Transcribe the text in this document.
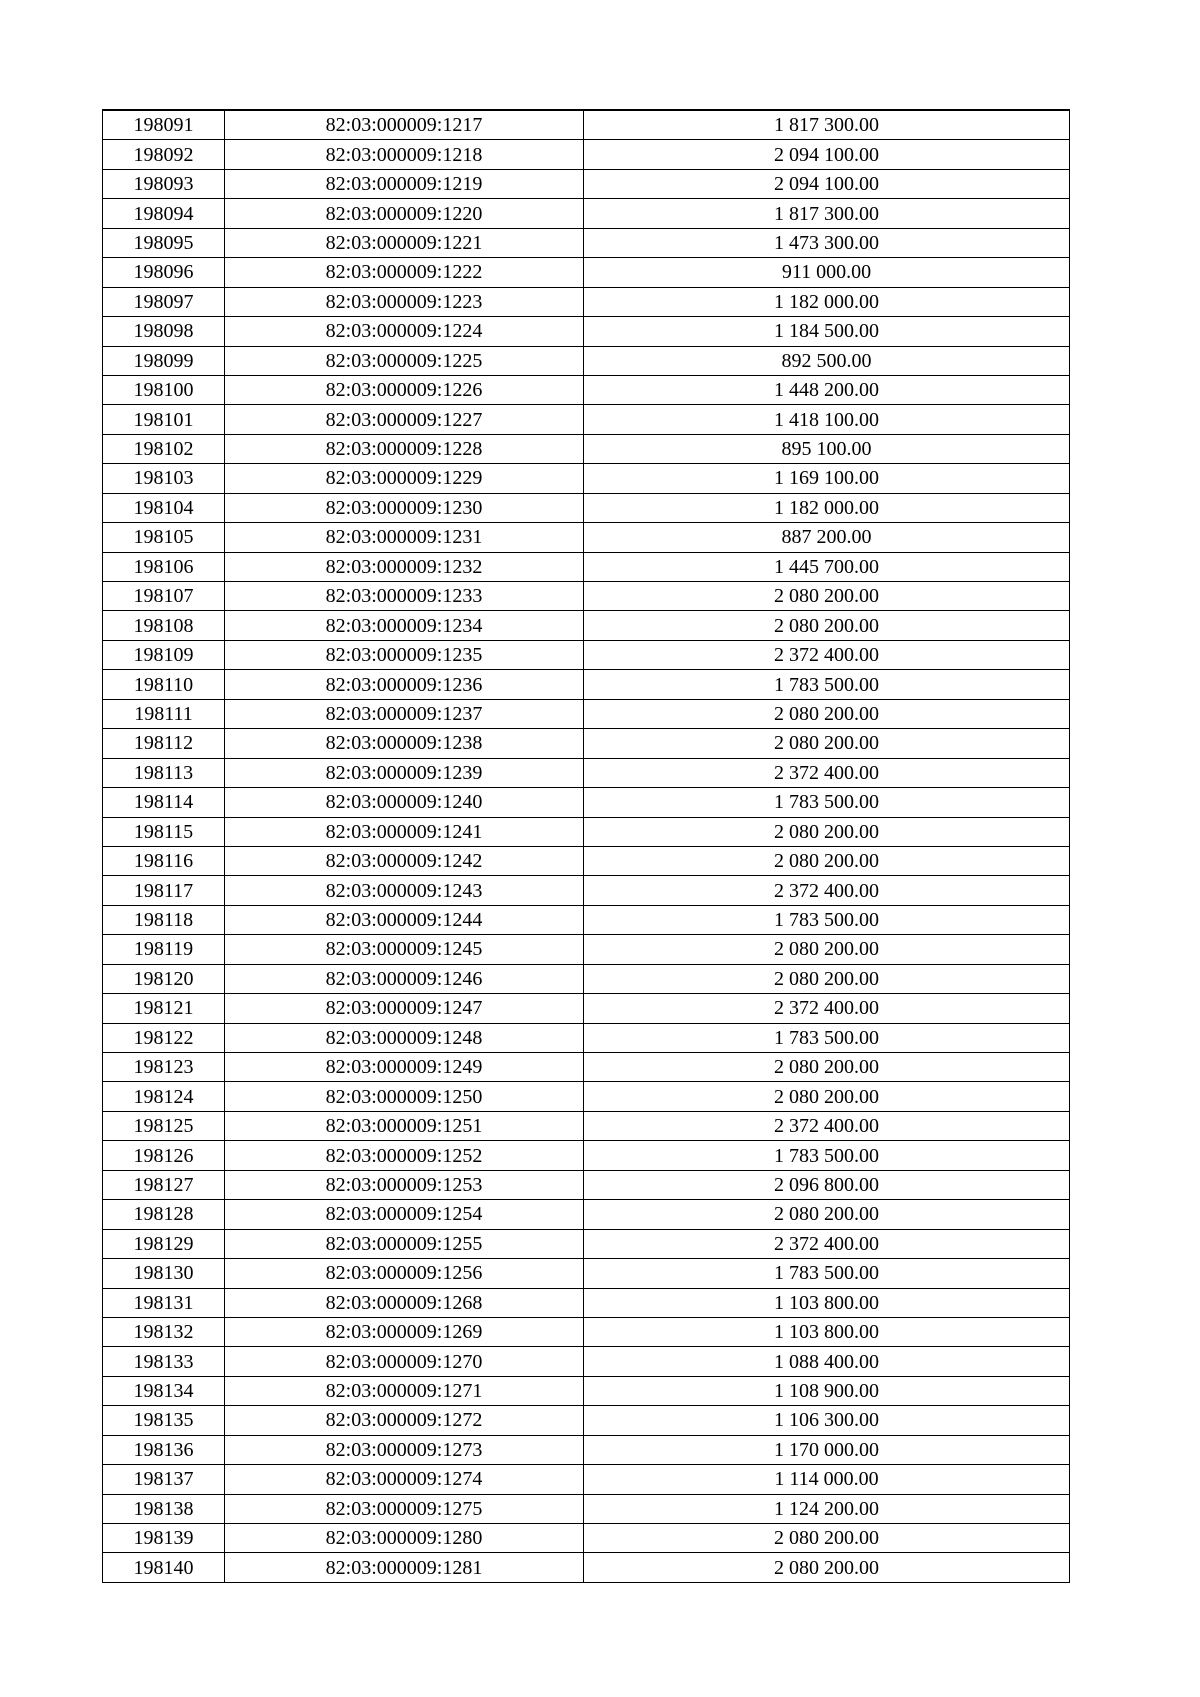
198091	82:03:000009:1217	1 817 300.00
198092	82:03:000009:1218	2 094 100.00
198093	82:03:000009:1219	2 094 100.00
198094	82:03:000009:1220	1 817 300.00
198095	82:03:000009:1221	1 473 300.00
198096	82:03:000009:1222	911 000.00
198097	82:03:000009:1223	1 182 000.00
198098	82:03:000009:1224	1 184 500.00
198099	82:03:000009:1225	892 500.00
198100	82:03:000009:1226	1 448 200.00
198101	82:03:000009:1227	1 418 100.00
198102	82:03:000009:1228	895 100.00
198103	82:03:000009:1229	1 169 100.00
198104	82:03:000009:1230	1 182 000.00
198105	82:03:000009:1231	887 200.00
198106	82:03:000009:1232	1 445 700.00
198107	82:03:000009:1233	2 080 200.00
198108	82:03:000009:1234	2 080 200.00
198109	82:03:000009:1235	2 372 400.00
198110	82:03:000009:1236	1 783 500.00
198111	82:03:000009:1237	2 080 200.00
198112	82:03:000009:1238	2 080 200.00
198113	82:03:000009:1239	2 372 400.00
198114	82:03:000009:1240	1 783 500.00
198115	82:03:000009:1241	2 080 200.00
198116	82:03:000009:1242	2 080 200.00
198117	82:03:000009:1243	2 372 400.00
198118	82:03:000009:1244	1 783 500.00
198119	82:03:000009:1245	2 080 200.00
198120	82:03:000009:1246	2 080 200.00
198121	82:03:000009:1247	2 372 400.00
198122	82:03:000009:1248	1 783 500.00
198123	82:03:000009:1249	2 080 200.00
198124	82:03:000009:1250	2 080 200.00
198125	82:03:000009:1251	2 372 400.00
198126	82:03:000009:1252	1 783 500.00
198127	82:03:000009:1253	2 096 800.00
198128	82:03:000009:1254	2 080 200.00
198129	82:03:000009:1255	2 372 400.00
198130	82:03:000009:1256	1 783 500.00
198131	82:03:000009:1268	1 103 800.00
198132	82:03:000009:1269	1 103 800.00
198133	82:03:000009:1270	1 088 400.00
198134	82:03:000009:1271	1 108 900.00
198135	82:03:000009:1272	1 106 300.00
198136	82:03:000009:1273	1 170 000.00
198137	82:03:000009:1274	1 114 000.00
198138	82:03:000009:1275	1 124 200.00
198139	82:03:000009:1280	2 080 200.00
198140	82:03:000009:1281	2 080 200.00
